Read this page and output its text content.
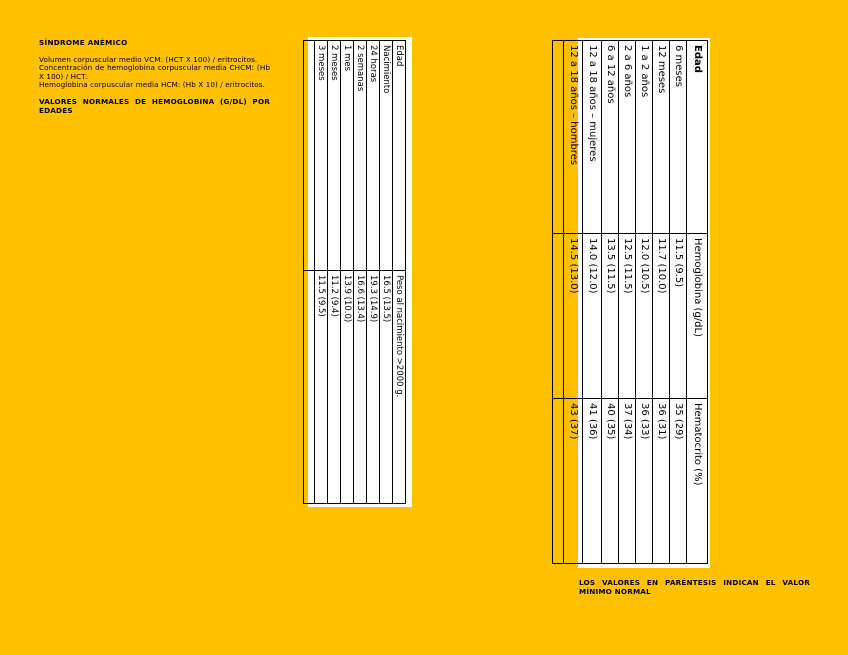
SÍNDROME ANÉMICO

Volumen corpuscular medio VCM: (HCT X 100) / eritrocitos.

Concentración de hemoglobina corpuscular media CHCM: (Hb X 100) / HCT.

Hemoglobina corpuscular media HCM: (Hb X 10) / eritrocitos.

VALORES NORMALES DE HEMOGLOBINA (G/DL) POR EDADES

Edad	Peso al nacimiento >2000 g.
Nacimiento	16.5 (13.5)
24 horas	19.3 (14.9)
2 semanas	16.6 (13.4)
1 mes	13.9 (10.0)
2 meses	11.2 (9.4)
3 meses	11.5 (9.5)

Edad	Hemoglobina (g/dL)	Hematocrito (%)
6 meses	11.5 (9.5)	35 (29)
12 meses	11.7 (10.0)	36 (31)
1 a 2 años	12.0 (10.5)	36 (33)
2 a 6 años	12.5 (11.5)	37 (34)
6 a 12 años	13.5 (11.5)	40 (35)
12 a 18 años – mujeres	14.0 (12.0)	41 (36)
12 a 18 años – hombres	14.5 (13.0)	43 (37)

LOS VALORES EN PARÉNTESIS INDICAN EL VALOR MÍNIMO NORMAL
